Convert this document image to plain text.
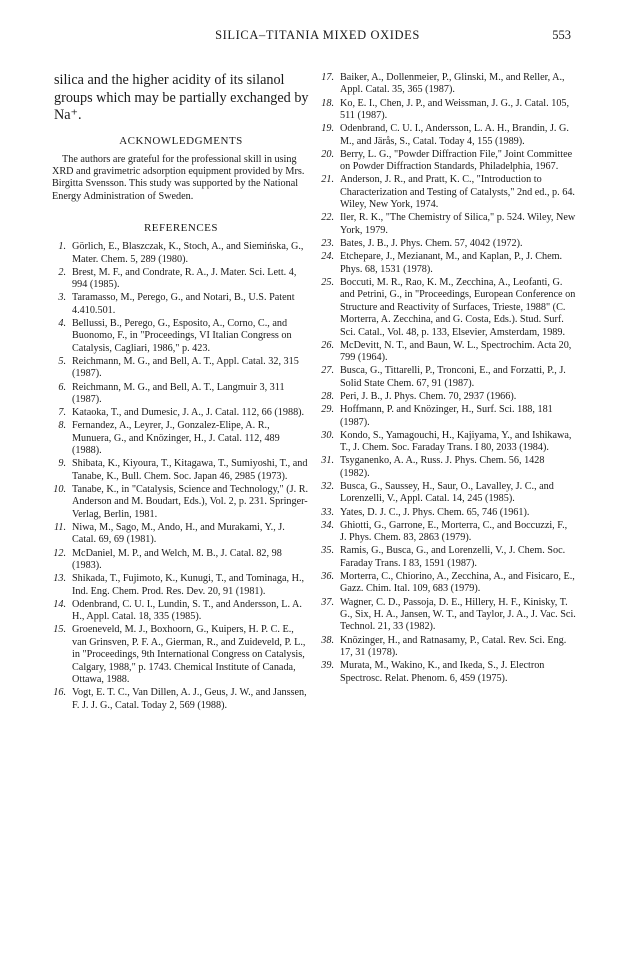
SILICA–TITANIA MIXED OXIDES	553

silica and the higher acidity of its silanol groups which may be partially exchanged by Na⁺.

ACKNOWLEDGMENTS

The authors are grateful for the professional skill in using XRD and gravimetric adsorption equipment provided by Mrs. Birgitta Svensson. This study was supported by the National Energy Administration of Sweden.

REFERENCES
1. Görlich, E., Blaszczak, K., Stoch, A., and Siemińska, G., Mater. Chem. 5, 289 (1980).
2. Brest, M. F., and Condrate, R. A., J. Mater. Sci. Lett. 4, 994 (1985).
3. Taramasso, M., Perego, G., and Notari, B., U.S. Patent 4.410.501.
4. Bellussi, B., Perego, G., Esposito, A., Corno, C., and Buonomo, F., in "Proceedings, VI Italian Congress on Catalysis, Cagliari, 1986," p. 423.
5. Reichmann, M. G., and Bell, A. T., Appl. Catal. 32, 315 (1987).
6. Reichmann, M. G., and Bell, A. T., Langmuir 3, 311 (1987).
7. Kataoka, T., and Dumesic, J. A., J. Catal. 112, 66 (1988).
8. Fernandez, A., Leyrer, J., Gonzalez-Elipe, A. R., Munuera, G., and Knözinger, H., J. Catal. 112, 489 (1988).
9. Shibata, K., Kiyoura, T., Kitagawa, T., Sumiyoshi, T., and Tanabe, K., Bull. Chem. Soc. Japan 46, 2985 (1973).
10. Tanabe, K., in "Catalysis, Science and Technology," (J. R. Anderson and M. Boudart, Eds.), Vol. 2, p. 231. Springer-Verlag, Berlin, 1981.
11. Niwa, M., Sago, M., Ando, H., and Murakami, Y., J. Catal. 69, 69 (1981).
12. McDaniel, M. P., and Welch, M. B., J. Catal. 82, 98 (1983).
13. Shikada, T., Fujimoto, K., Kunugi, T., and Tominaga, H., Ind. Eng. Chem. Prod. Res. Dev. 20, 91 (1981).
14. Odenbrand, C. U. I., Lundin, S. T., and Andersson, L. A. H., Appl. Catal. 18, 335 (1985).
15. Groeneveld, M. J., Boxhoorn, G., Kuipers, H. P. C. E., van Grinsven, P. F. A., Gierman, R., and Zuideveld, P. L., in "Proceedings, 9th International Congress on Catalysis, Calgary, 1988," p. 1743. Chemical Institute of Canada, Ottawa, 1988.
16. Vogt, E. T. C., Van Dillen, A. J., Geus, J. W., and Janssen, F. J. J. G., Catal. Today 2, 569 (1988).
17. Baiker, A., Dollenmeier, P., Glinski, M., and Reller, A., Appl. Catal. 35, 365 (1987).
18. Ko, E. I., Chen, J. P., and Weissman, J. G., J. Catal. 105, 511 (1987).
19. Odenbrand, C. U. I., Andersson, L. A. H., Brandin, J. G. M., and Järås, S., Catal. Today 4, 155 (1989).
20. Berry, L. G., "Powder Diffraction File," Joint Committee on Powder Diffraction Standards, Philadelphia, 1967.
21. Anderson, J. R., and Pratt, K. C., "Introduction to Characterization and Testing of Catalysts," 2nd ed., p. 64. Wiley, New York, 1974.
22. Iler, R. K., "The Chemistry of Silica," p. 524. Wiley, New York, 1979.
23. Bates, J. B., J. Phys. Chem. 57, 4042 (1972).
24. Etchepare, J., Mezianant, M., and Kaplan, P., J. Chem. Phys. 68, 1531 (1978).
25. Boccuti, M. R., Rao, K. M., Zecchina, A., Leofanti, G. and Petrini, G., in "Proceedings, European Conference on Structure and Reactivity of Surfaces, Trieste, 1988" (C. Morterra, A. Zecchina, and G. Costa, Eds.). Stud. Surf. Sci. Catal., Vol. 48, p. 133, Elsevier, Amsterdam, 1989.
26. McDevitt, N. T., and Baun, W. L., Spectrochim. Acta 20, 799 (1964).
27. Busca, G., Tittarelli, P., Tronconi, E., and Forzatti, P., J. Solid State Chem. 67, 91 (1987).
28. Peri, J. B., J. Phys. Chem. 70, 2937 (1966).
29. Hoffmann, P. and Knözinger, H., Surf. Sci. 188, 181 (1987).
30. Kondo, S., Yamagouchi, H., Kajiyama, Y., and Ishikawa, T., J. Chem. Soc. Faraday Trans. I 80, 2033 (1984).
31. Tsyganenko, A. A., Russ. J. Phys. Chem. 56, 1428 (1982).
32. Busca, G., Saussey, H., Saur, O., Lavalley, J. C., and Lorenzelli, V., Appl. Catal. 14, 245 (1985).
33. Yates, D. J. C., J. Phys. Chem. 65, 746 (1961).
34. Ghiotti, G., Garrone, E., Morterra, C., and Boccuzzi, F., J. Phys. Chem. 83, 2863 (1979).
35. Ramis, G., Busca, G., and Lorenzelli, V., J. Chem. Soc. Faraday Trans. I 83, 1591 (1987).
36. Morterra, C., Chiorino, A., Zecchina, A., and Fisicaro, E., Gazz. Chim. Ital. 109, 683 (1979).
37. Wagner, C. D., Passoja, D. E., Hillery, H. F., Kinisky, T. G., Six, H. A., Jansen, W. T., and Taylor, J. A., J. Vac. Sci. Technol. 21, 33 (1982).
38. Knözinger, H., and Ratnasamy, P., Catal. Rev. Sci. Eng. 17, 31 (1978).
39. Murata, M., Wakino, K., and Ikeda, S., J. Electron Spectrosc. Relat. Phenom. 6, 459 (1975).
